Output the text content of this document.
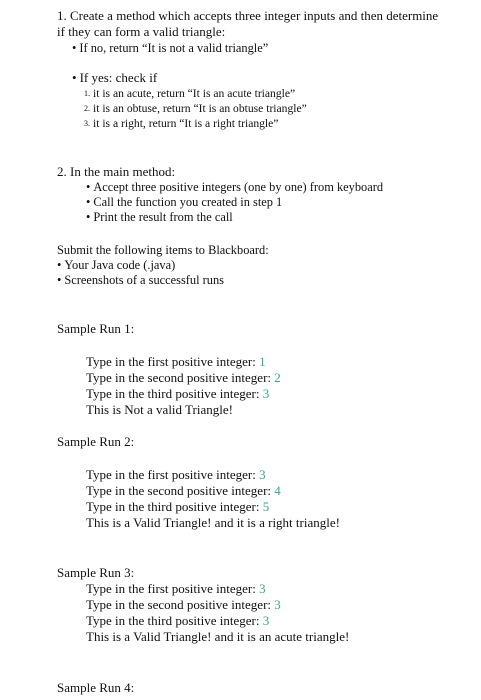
1. Create a method which accepts three integer inputs and then determine
if they can form a valid triangle:
• If no, return “It is not a valid triangle”
• If yes: check if
1. it is an acute, return “It is an acute triangle”
2. it is an obtuse, return “It is an obtuse triangle”
3. it is a right, return “It is a right triangle”
2. In the main method:
• Accept three positive integers (one by one) from keyboard
• Call the function you created in step 1
• Print the result from the call
Submit the following items to Blackboard:
• Your Java code (.java)
• Screenshots of a successful runs
Sample Run 1:
Type in the first positive integer: 1
Type in the second positive integer: 2
Type in the third positive integer: 3
This is Not a valid Triangle!
Sample Run 2:
Type in the first positive integer: 3
Type in the second positive integer: 4
Type in the third positive integer: 5
This is a Valid Triangle! and it is a right triangle!
Sample Run 3:
Type in the first positive integer: 3
Type in the second positive integer: 3
Type in the third positive integer: 3
This is a Valid Triangle! and it is an acute triangle!
Sample Run 4:
